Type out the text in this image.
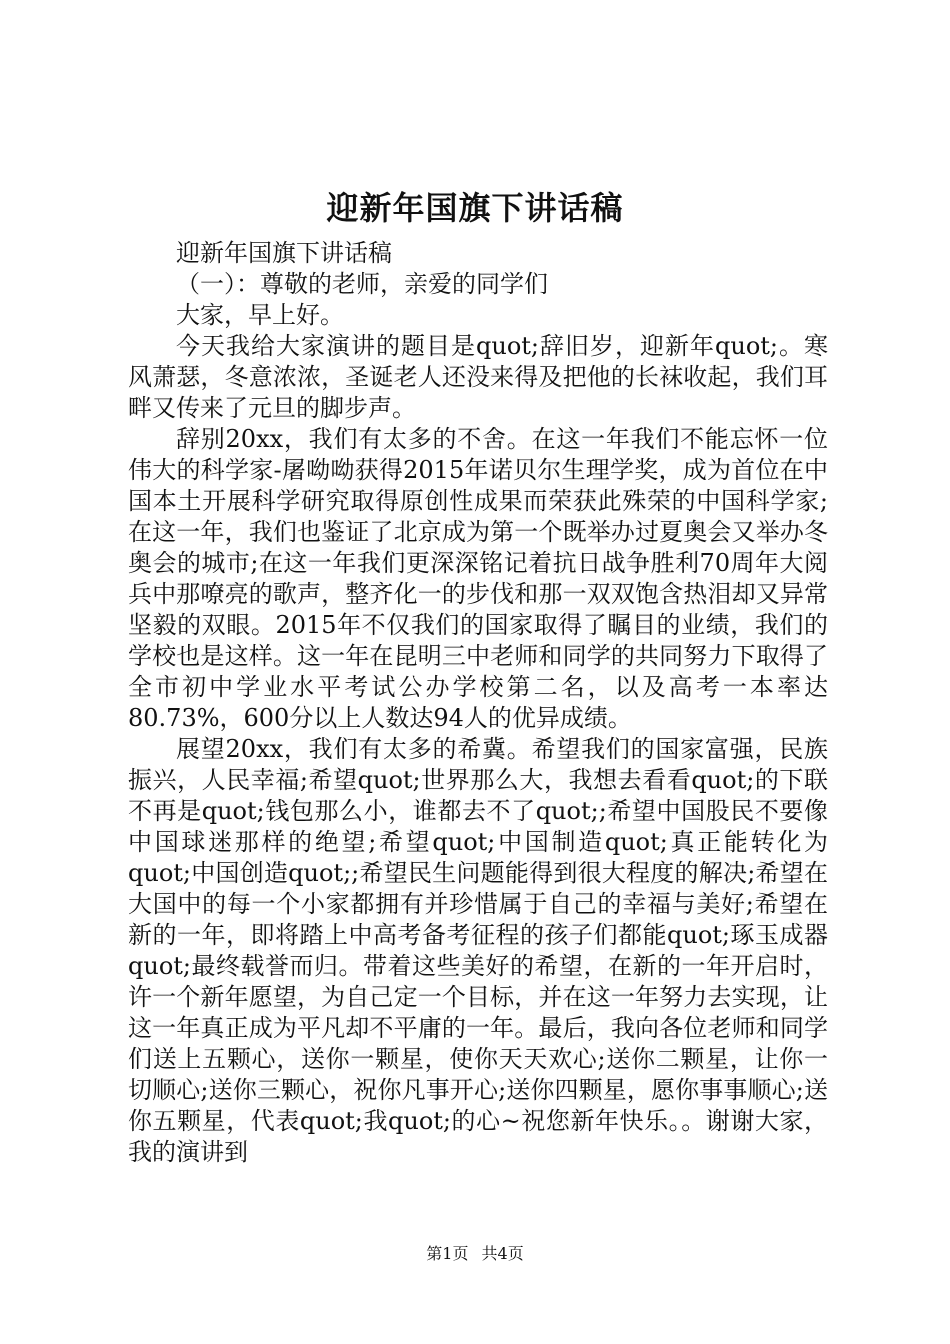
迎新年国旗下讲话稿

迎新年国旗下讲话稿

（一）：尊敬的老师，亲爱的同学们

大家，早上好。

今天我给大家演讲的题目是quot;辞旧岁，迎新年quot;。寒风萧瑟，冬意浓浓，圣诞老人还没来得及把他的长袜收起，我们耳畔又传来了元旦的脚步声。

辞别20xx，我们有太多的不舍。在这一年我们不能忘怀一位伟大的科学家-屠呦呦获得2015年诺贝尔生理学奖，成为首位在中国本土开展科学研究取得原创性成果而荣获此殊荣的中国科学家;在这一年，我们也鉴证了北京成为第一个既举办过夏奥会又举办冬奥会的城市;在这一年我们更深深铭记着抗日战争胜利70周年大阅兵中那嘹亮的歌声，整齐化一的步伐和那一双双饱含热泪却又异常坚毅的双眼。2015年不仅我们的国家取得了瞩目的业绩，我们的学校也是这样。这一年在昆明三中老师和同学的共同努力下取得了全市初中学业水平考试公办学校第二名，以及高考一本率达80.73%，600分以上人数达94人的优异成绩。

展望20xx，我们有太多的希冀。希望我们的国家富强，民族振兴，人民幸福;希望quot;世界那么大，我想去看看quot;的下联不再是quot;钱包那么小，谁都去不了quot;;希望中国股民不要像中国球迷那样的绝望;希望quot;中国制造quot;真正能转化为quot;中国创造quot;;希望民生问题能得到很大程度的解决;希望在大国中的每一个小家都拥有并珍惜属于自己的幸福与美好;希望在新的一年，即将踏上中高考备考征程的孩子们都能quot;琢玉成器quot;最终载誉而归。带着这些美好的希望，在新的一年开启时，许一个新年愿望，为自己定一个目标，并在这一年努力去实现，让这一年真正成为平凡却不平庸的一年。最后，我向各位老师和同学们送上五颗心，送你一颗星，使你天天欢心;送你二颗星，让你一切顺心;送你三颗心，祝你凡事开心;送你四颗星，愿你事事顺心;送你五颗星，代表quot;我quot;的心~祝您新年快乐。。谢谢大家，我的演讲到

第1页 共4页
